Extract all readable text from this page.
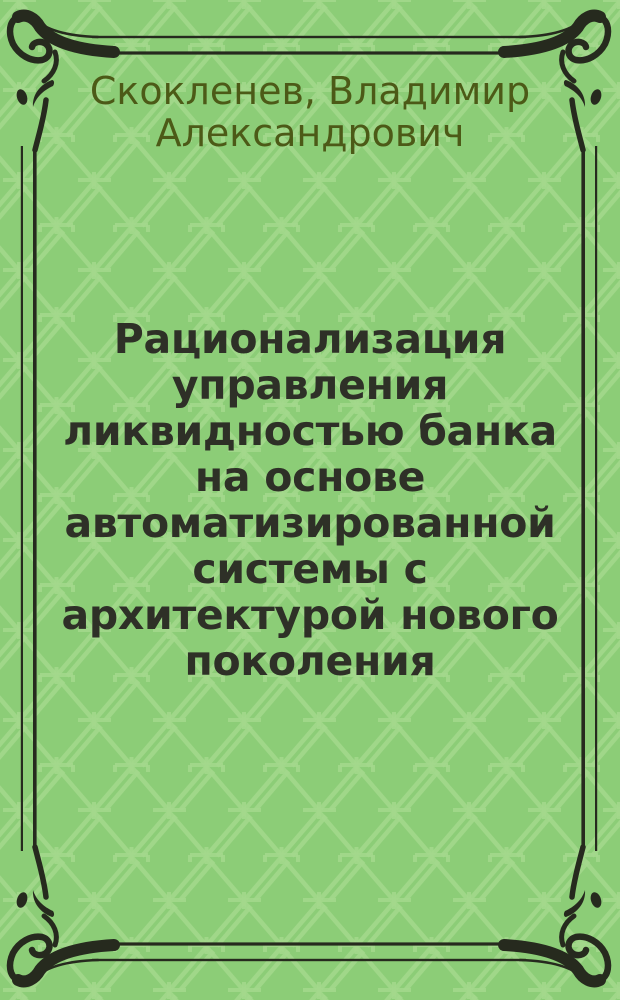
Скокленев, Владимир
Александрович
Рационализация
управления
ликвидностью банка
на основе
автоматизированной
системы с
архитектурой нового
поколения
